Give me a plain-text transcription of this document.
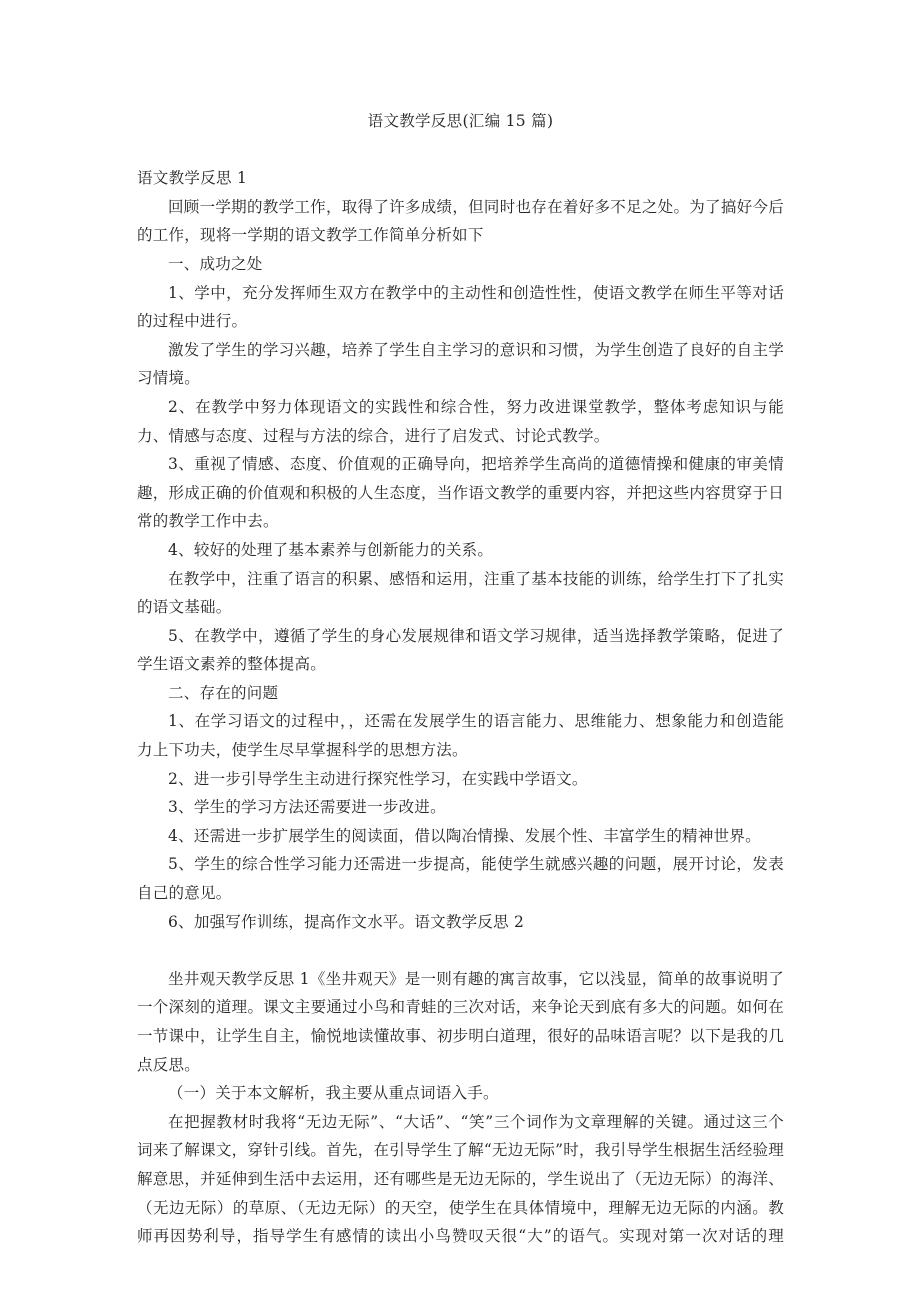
语文教学反思(汇编 15 篇)
语文教学反思 1
回顾一学期的教学工作，取得了许多成绩，但同时也存在着好多不足之处。为了搞好今后的工作，现将一学期的语文教学工作简单分析如下
一、成功之处
1、学中，充分发挥师生双方在教学中的主动性和创造性性，使语文教学在师生平等对话的过程中进行。
激发了学生的学习兴趣，培养了学生自主学习的意识和习惯，为学生创造了良好的自主学习情境。
2、在教学中努力体现语文的实践性和综合性，努力改进课堂教学，整体考虑知识与能力、情感与态度、过程与方法的综合，进行了启发式、讨论式教学。
3、重视了情感、态度、价值观的正确导向，把培养学生高尚的道德情操和健康的审美情趣，形成正确的价值观和积极的人生态度，当作语文教学的重要内容，并把这些内容贯穿于日常的教学工作中去。
4、较好的处理了基本素养与创新能力的关系。
在教学中，注重了语言的积累、感悟和运用，注重了基本技能的训练，给学生打下了扎实的语文基础。
5、在教学中，遵循了学生的身心发展规律和语文学习规律，适当选择教学策略，促进了学生语文素养的整体提高。
二、存在的问题
1、在学习语文的过程中，，还需在发展学生的语言能力、思维能力、想象能力和创造能力上下功夫，使学生尽早掌握科学的思想方法。
2、进一步引导学生主动进行探究性学习，在实践中学语文。
3、学生的学习方法还需要进一步改进。
4、还需进一步扩展学生的阅读面，借以陶冶情操、发展个性、丰富学生的精神世界。
5、学生的综合性学习能力还需进一步提高，能使学生就感兴趣的问题，展开讨论，发表自己的意见。
6、加强写作训练，提高作文水平。语文教学反思 2
坐井观天教学反思 1《坐井观天》是一则有趣的寓言故事，它以浅显，简单的故事说明了一个深刻的道理。课文主要通过小鸟和青蛙的三次对话，来争论天到底有多大的问题。如何在一节课中，让学生自主，愉悦地读懂故事、初步明白道理，很好的品味语言呢？以下是我的几点反思。
（一）关于本文解析，我主要从重点词语入手。
在把握教材时我将“无边无际”、“大话”、“笑”三个词作为文章理解的关键。通过这三个词来了解课文，穿针引线。首先，在引导学生了解“无边无际”时，我引导学生根据生活经验理解意思，并延伸到生活中去运用，还有哪些是无边无际的，学生说出了（无边无际）的海洋、（无边无际）的草原、（无边无际）的天空，使学生在具体情境中，理解无边无际的内涵。教师再因势利导，指导学生有感情的读出小鸟赞叹天很“大”的语气。实现对第一次对话的理
